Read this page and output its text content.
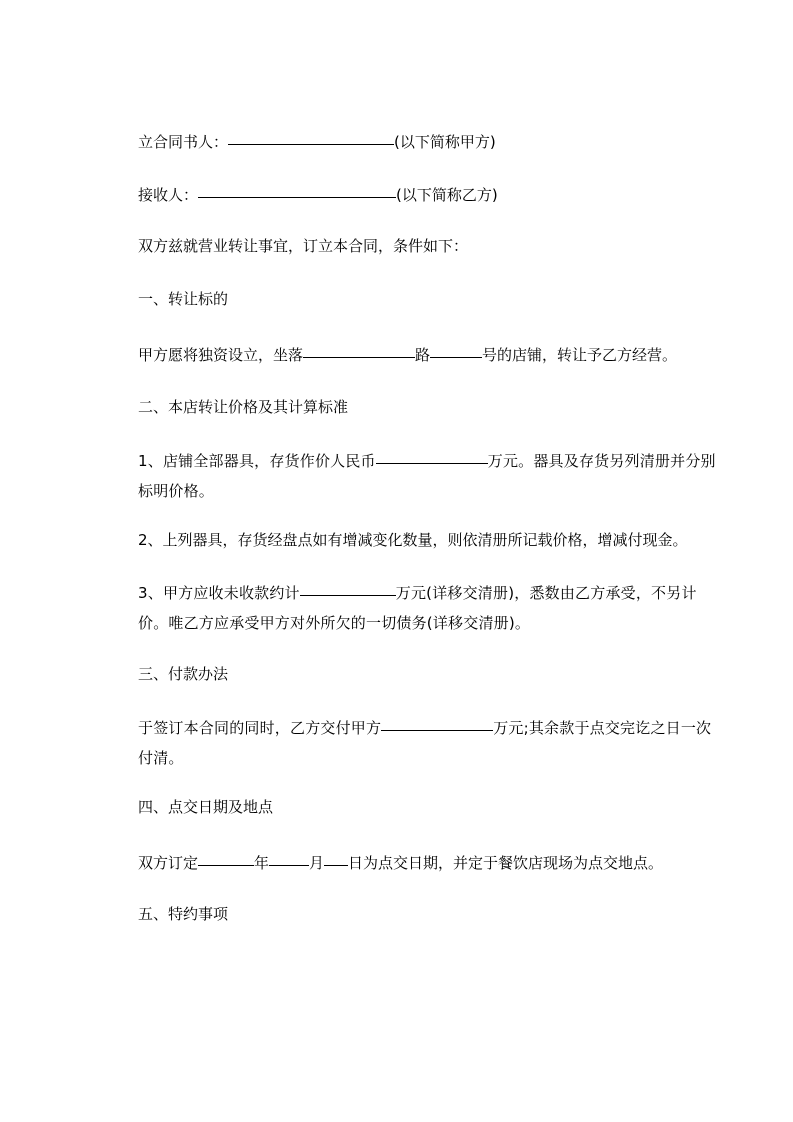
立合同书人：	(以下简称甲方)
接收人：	(以下简称乙方)
双方兹就营业转让事宜，订立本合同，条件如下：
一、转让标的
甲方愿将独资设立，坐落	路	号的店铺，转让予乙方经营。
二、本店转让价格及其计算标准
1、店铺全部器具，存货作价人民币	万元。器具及存货另列清册并分别标明价格。
2、上列器具，存货经盘点如有增减变化数量，则依清册所记载价格，增减付现金。
3、甲方应收未收款约计	万元(详移交清册)，悉数由乙方承受，不另计价。唯乙方应承受甲方对外所欠的一切债务(详移交清册)。
三、付款办法
于签订本合同的同时，乙方交付甲方	万元;其余款于点交完讫之日一次付清。
四、点交日期及地点
双方订定	年	月 日为点交日期，并定于餐饮店现场为点交地点。
五、特约事项
